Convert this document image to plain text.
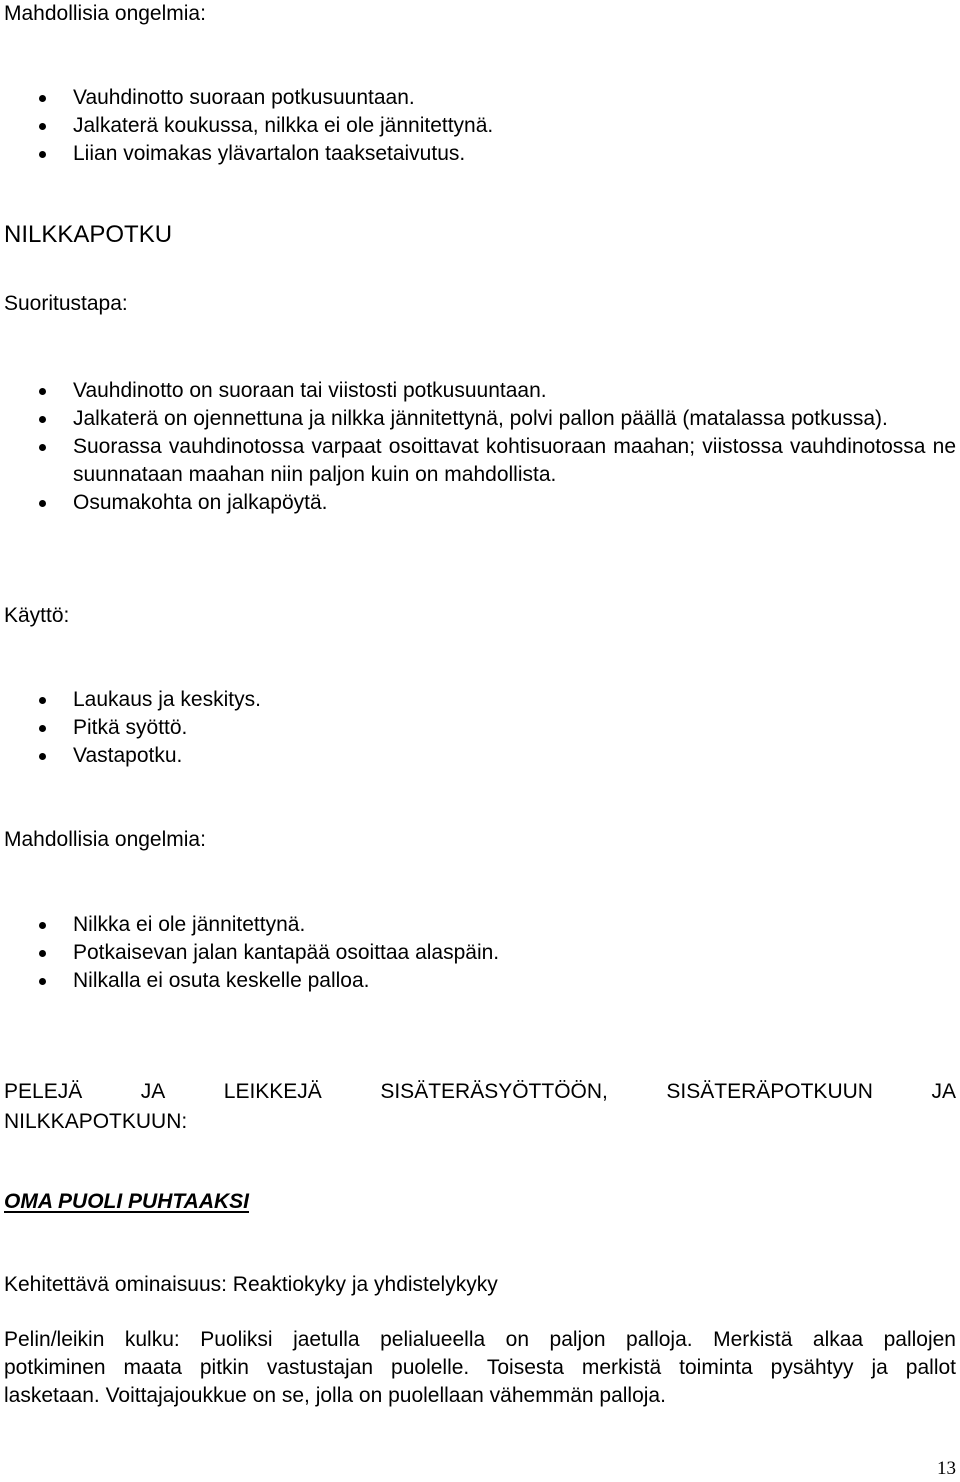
Mahdollisia ongelmia:
Vauhdinotto suoraan potkusuuntaan.
Jalkaterä koukussa, nilkka ei ole jännitettynä.
Liian voimakas ylävartalon taaksetaivutus.
NILKKAPOTKU
Suoritustapa:
Vauhdinotto on suoraan tai viistosti potkusuuntaan.
Jalkaterä on ojennettuna ja nilkka jännitettynä, polvi pallon päällä (matalassa potkussa).
Suorassa vauhdinotossa varpaat osoittavat kohtisuoraan maahan; viistossa vauhdinotossa ne suunnataan maahan niin paljon kuin on mahdollista.
Osumakohta on jalkapöytä.
Käyttö:
Laukaus ja keskitys.
Pitkä syöttö.
Vastapotku.
Mahdollisia ongelmia:
Nilkka ei ole jännitettynä.
Potkaisevan jalan kantapää osoittaa alaspäin.
Nilkalla ei osuta keskelle palloa.
PELEJÄ	JA	LEIKKEJÄ	SISÄTERÄSYÖTTÖÖN,	SISÄTERÄPOTKUUN	JA
NILKKAPOTKUUN:
OMA PUOLI PUHTAAKSI
Kehitettävä ominaisuus: Reaktiokyky ja yhdistelykyky
Pelin/leikin kulku: Puoliksi jaetulla pelialueella on paljon palloja. Merkistä alkaa pallojen
potkiminen maata pitkin vastustajan puolelle. Toisesta merkistä toiminta pysähtyy ja pallot
lasketaan. Voittajajoukkue on se, jolla on puolellaan vähemmän palloja.
13
